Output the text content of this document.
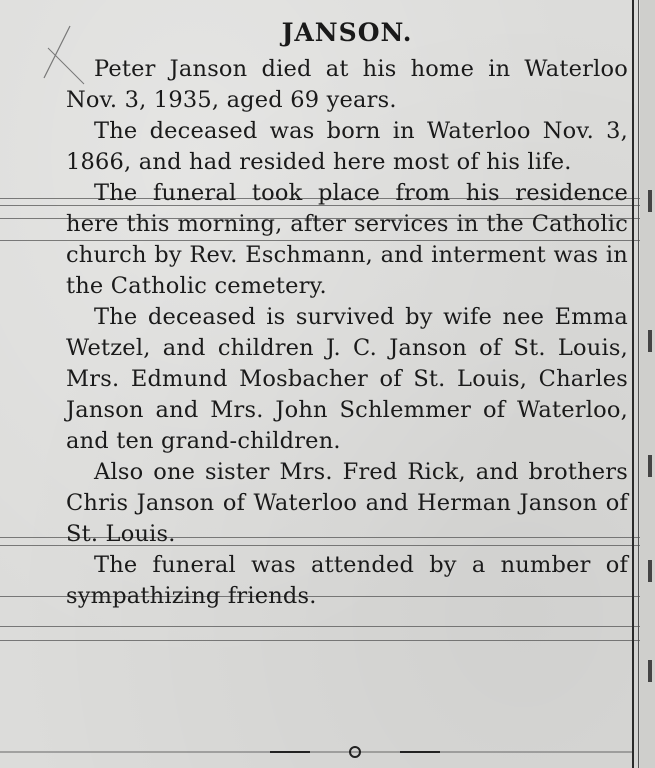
JANSON.

Peter Janson died at his home in Waterloo Nov. 3, 1935, aged 69 years.

The deceased was born in Waterloo Nov. 3, 1866, and had resided here most of his life.

The funeral took place from his residence here this morning, after services in the Catholic church by Rev. Eschmann, and interment was in the Catholic cemetery.

The deceased is survived by wife nee Emma Wetzel, and children J. C. Janson of St. Louis, Mrs. Edmund Mosbacher of St. Louis, Charles Janson and Mrs. John Schlemmer of Waterloo, and ten grand-children.

Also one sister Mrs. Fred Rick, and brothers Chris Janson of Waterloo and Herman Janson of St. Louis.

The funeral was attended by a number of sympathizing friends.
